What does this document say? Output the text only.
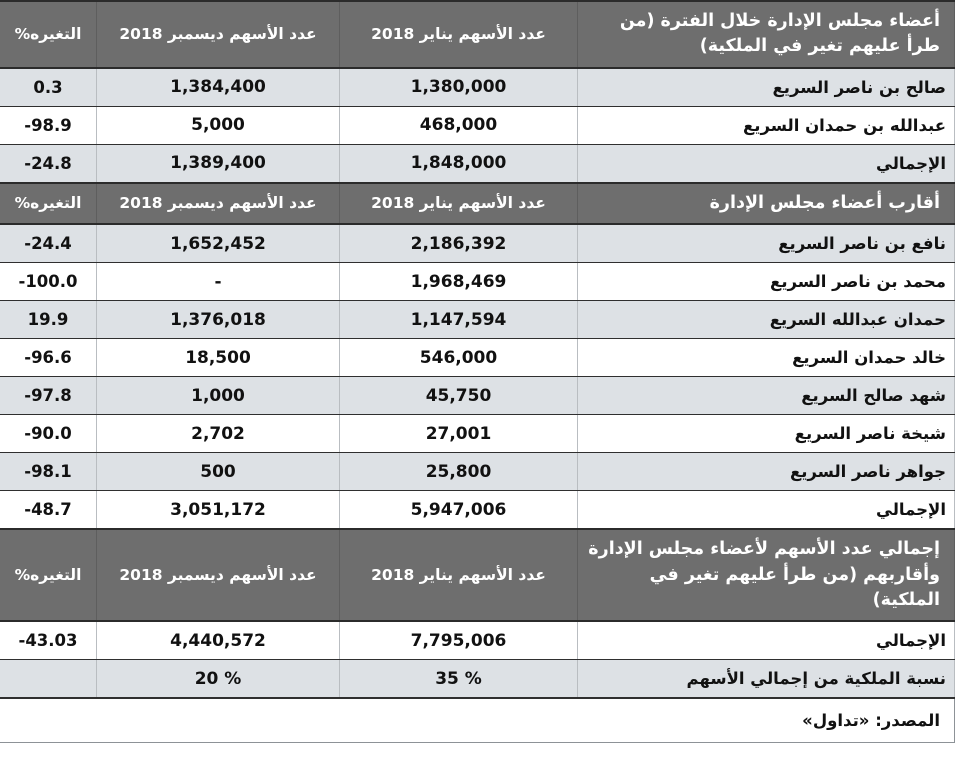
أعضاء مجلس الإدارة خلال الفترة (من طرأ عليهم تغير في الملكية)	عدد الأسهم يناير 2018	عدد الأسهم ديسمبر 2018	التغيره%
صالح بن ناصر السريع	1,380,000	1,384,400	0.3
عبدالله بن حمدان السريع	468,000	5,000	-98.9
الإجمالي	1,848,000	1,389,400	-24.8
أقارب أعضاء مجلس الإدارة	عدد الأسهم يناير 2018	عدد الأسهم ديسمبر 2018	التغيره%
نافع بن ناصر السريع	2,186,392	1,652,452	-24.4
محمد بن ناصر السريع	1,968,469	-	-100.0
حمدان عبدالله السريع	1,147,594	1,376,018	19.9
خالد حمدان السريع	546,000	18,500	-96.6
شهد صالح السريع	45,750	1,000	-97.8
شيخة ناصر السريع	27,001	2,702	-90.0
جواهر ناصر السريع	25,800	500	-98.1
الإجمالي	5,947,006	3,051,172	-48.7
إجمالي عدد الأسهم لأعضاء مجلس الإدارة وأقاربهم (من طرأ عليهم تغير في الملكية)	عدد الأسهم يناير 2018	عدد الأسهم ديسمبر 2018	التغيره%
الإجمالي	7,795,006	4,440,572	-43.03
نسبة الملكية من إجمالي الأسهم	% 35	% 20	
المصدر: «تداول»			
